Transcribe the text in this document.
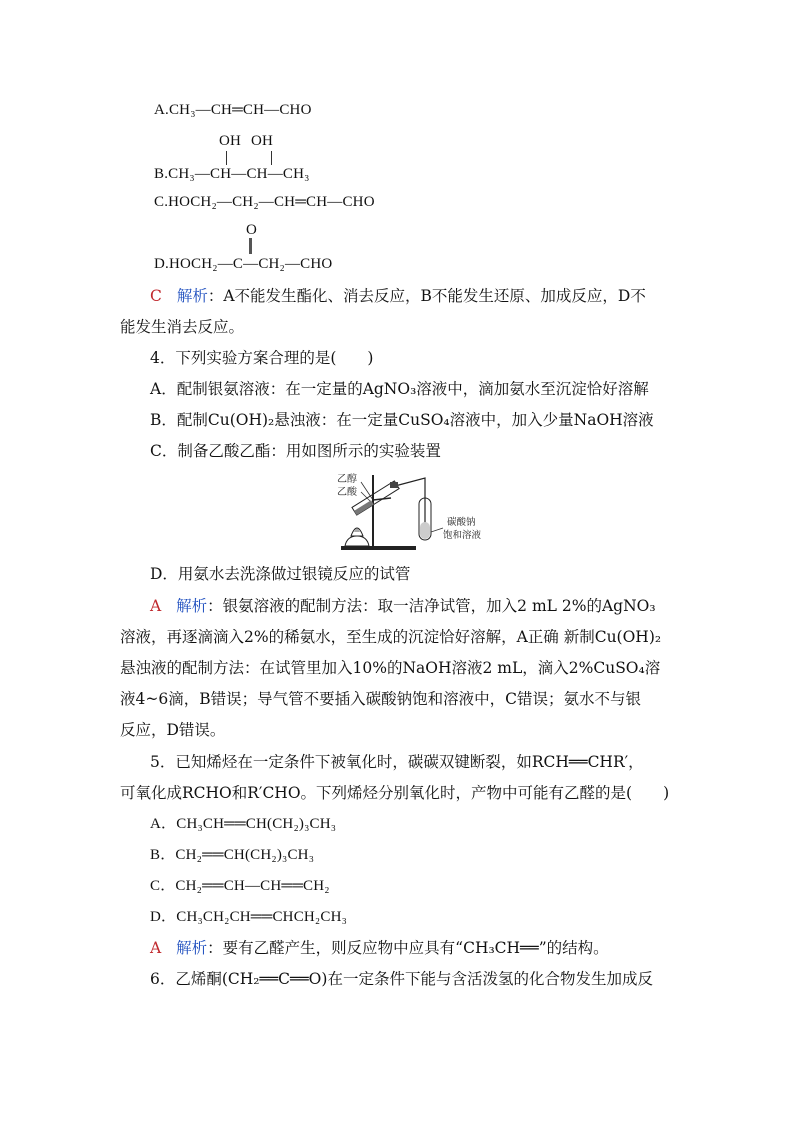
A.CH₃—CH═CH—CHO
OH OH
B.CH₃—CH—CH—CH₃
C.HOCH₂—CH₂—CH═CH—CHO
O
D.HOCH₂—C—CH₂—CHO
C 解析：A不能发生酯化、消去反应，B不能发生还原、加成反应，D不
能发生消去反应。
4．下列实验方案合理的是(　　)
A．配制银氨溶液：在一定量的AgNO₃溶液中，滴加氨水至沉淀恰好溶解
B．配制Cu(OH)₂悬浊液：在一定量CuSO₄溶液中，加入少量NaOH溶液
C．制备乙酸乙酯：用如图所示的实验装置
乙醇
乙酸
碳酸钠
饱和溶液
D．用氨水去洗涤做过银镜反应的试管
A 解析：银氨溶液的配制方法：取一洁净试管，加入2 mL 2%的AgNO₃
溶液，再逐滴滴入2%的稀氨水，至生成的沉淀恰好溶解，A正确 新制Cu(OH)₂
悬浊液的配制方法：在试管里加入10%的NaOH溶液2 mL，滴入2%CuSO₄溶
液4~6滴，B错误；导气管不要插入碳酸钠饱和溶液中，C错误；氨水不与银
反应，D错误。
5．已知烯烃在一定条件下被氧化时，碳碳双键断裂，如RCH══CHR′，
可氧化成RCHO和R′CHO。下列烯烃分别氧化时，产物中可能有乙醛的是(　　)
A．CH₃CH══CH(CH₂)₃CH₃
B．CH₂══CH(CH₂)₃CH₃
C．CH₂══CH—CH══CH₂
D．CH₃CH₂CH══CHCH₂CH₃
A 解析：要有乙醛产生，则反应物中应具有“CH₃CH══”的结构。
6．乙烯酮(CH₂══C══O)在一定条件下能与含活泼氢的化合物发生加成反
